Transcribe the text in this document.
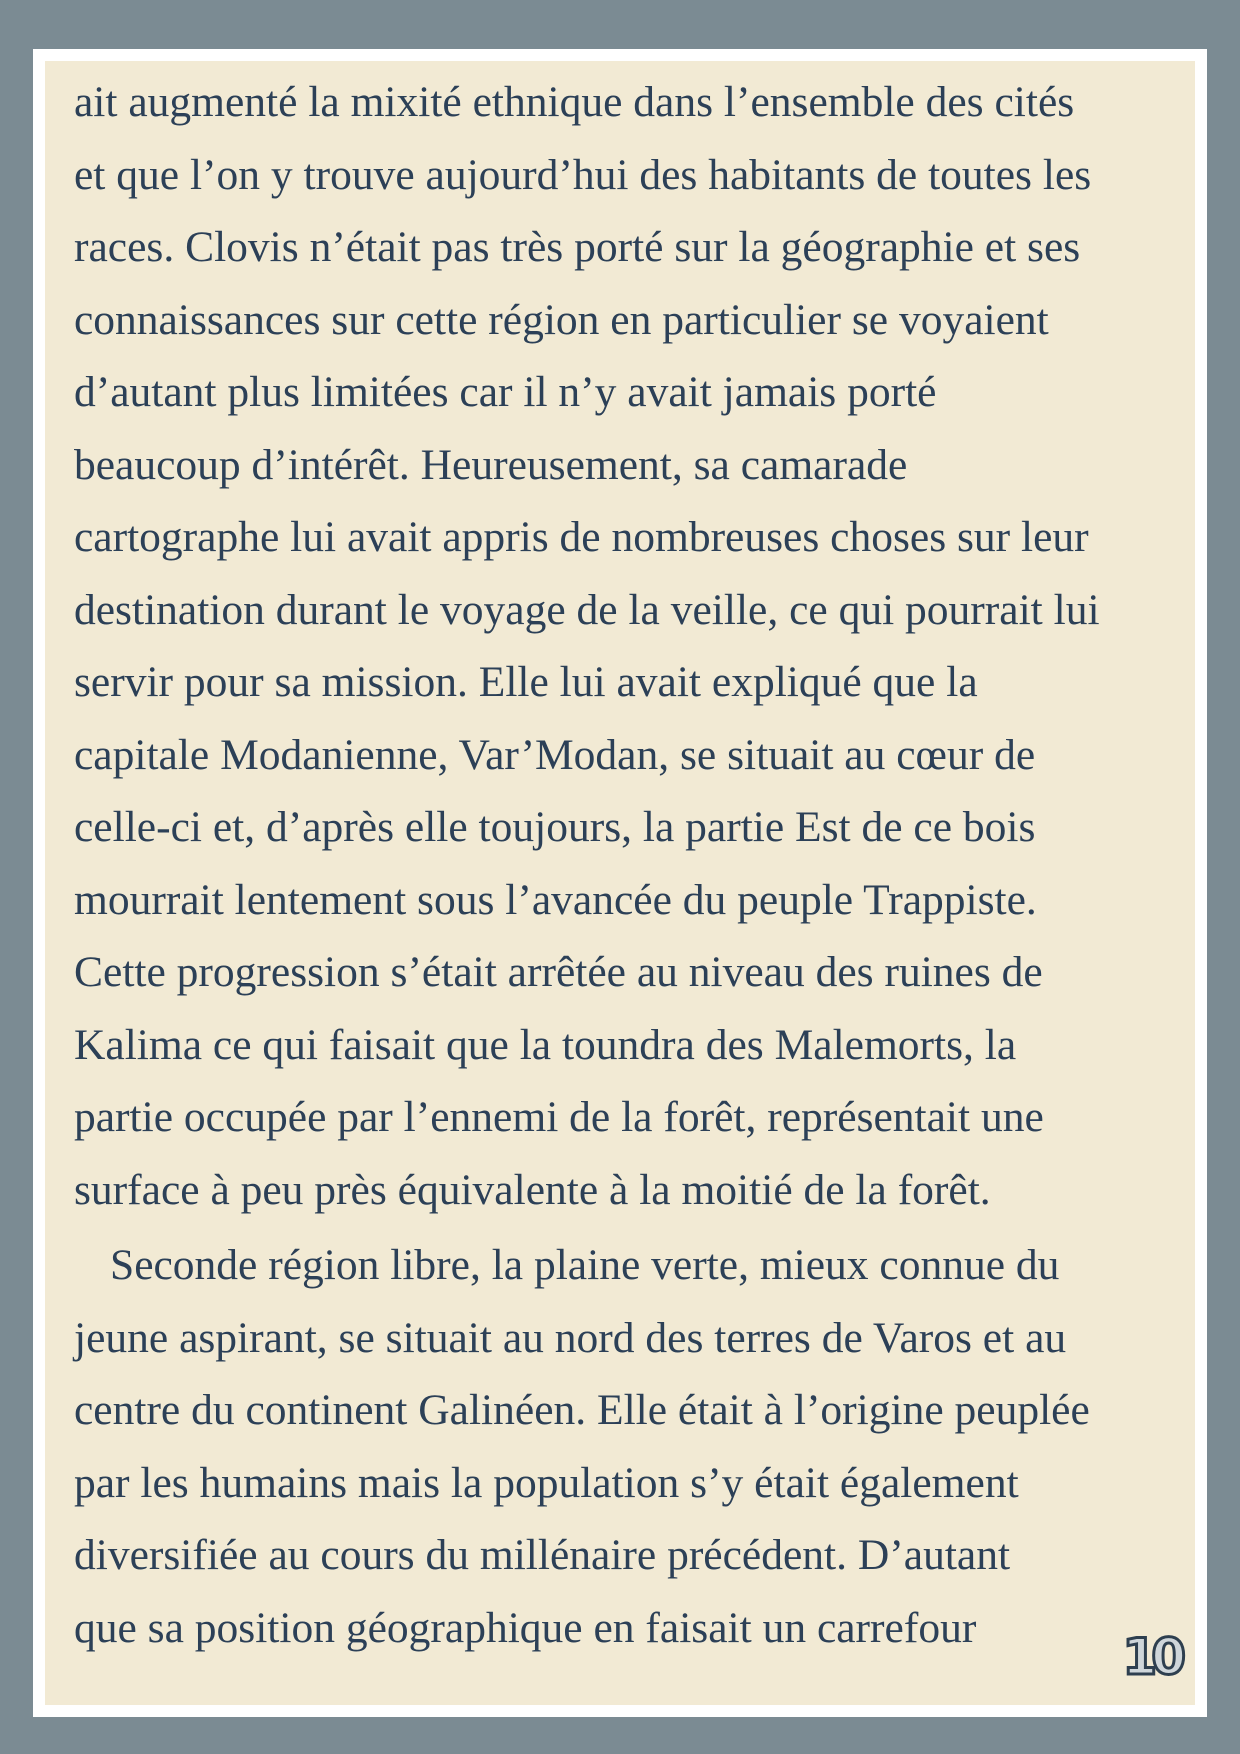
ait augmenté la mixité ethnique dans l’ensemble des cités
et que l’on y trouve aujourd’hui des habitants de toutes les
races. Clovis n’était pas très porté sur la géographie et ses
connaissances sur cette région en particulier se voyaient
d’autant plus limitées car il n’y avait jamais porté
beaucoup d’intérêt. Heureusement, sa camarade
cartographe lui avait appris de nombreuses choses sur leur
destination durant le voyage de la veille, ce qui pourrait lui
servir pour sa mission. Elle lui avait expliqué que la
capitale Modanienne, Var’Modan, se situait au cœur de
celle-ci et, d’après elle toujours, la partie Est de ce bois
mourrait lentement sous l’avancée du peuple Trappiste.
Cette progression s’était arrêtée au niveau des ruines de
Kalima ce qui faisait que la toundra des Malemorts, la
partie occupée par l’ennemi de la forêt, représentait une
surface à peu près équivalente à la moitié de la forêt.
Seconde région libre, la plaine verte, mieux connue du
jeune aspirant, se situait au nord des terres de Varos et au
centre du continent Galinéen. Elle était à l’origine peuplée
par les humains mais la population s’y était également
diversifiée au cours du millénaire précédent. D’autant
que sa position géographique en faisait un carrefour
10
